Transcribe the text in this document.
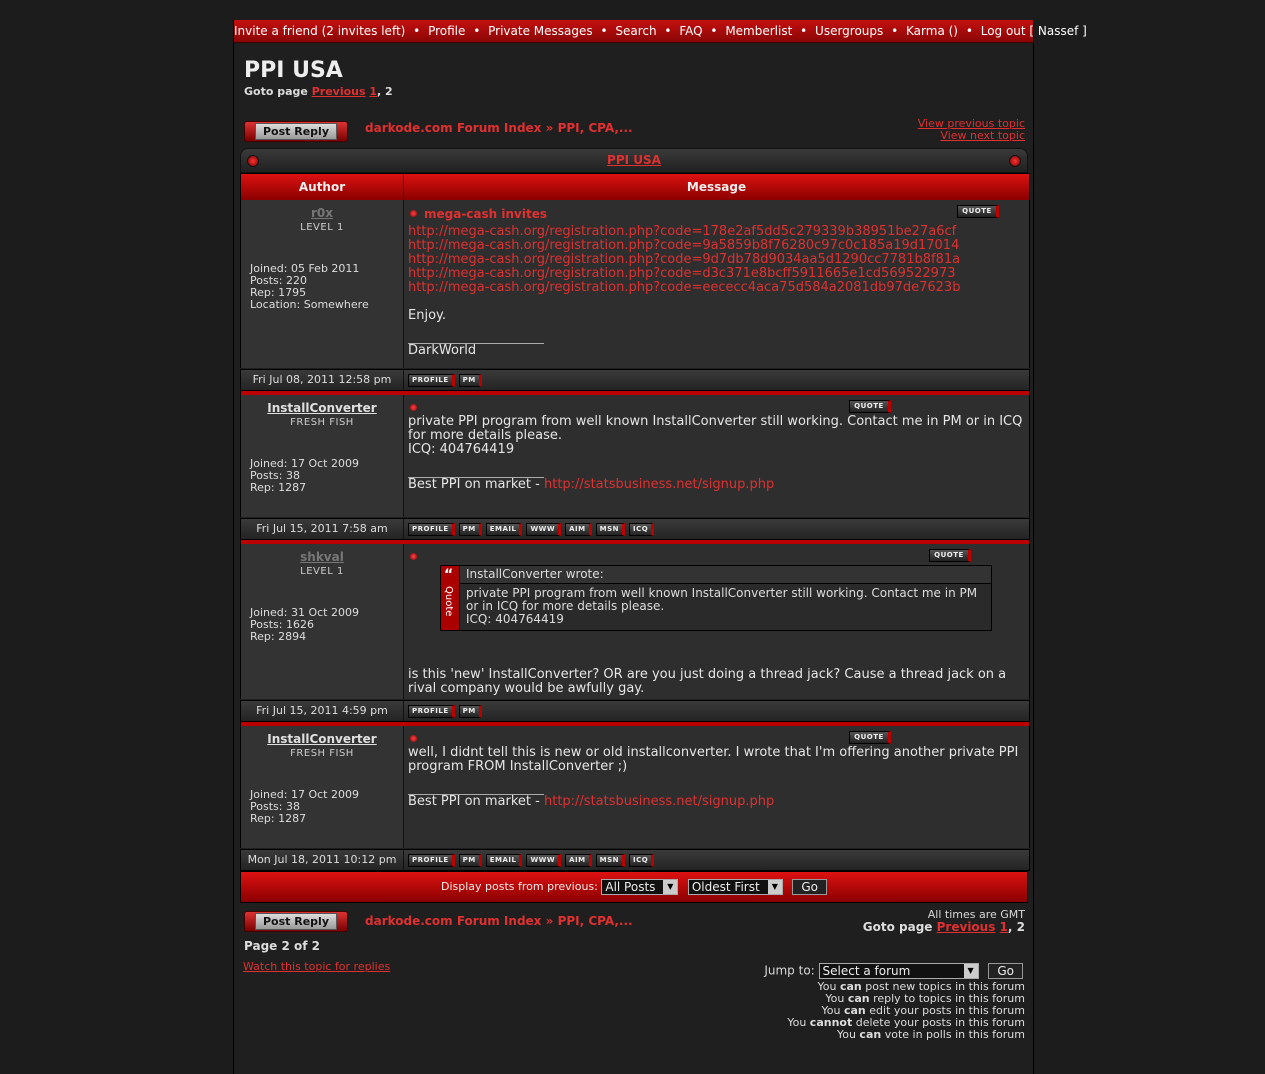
Invite a friend (2 invites left) • Profile • Private Messages • Search • FAQ • Memberlist • Usergroups • Karma () • Log out [ Nassef ]
PPI USA
Goto page Previous 1, 2
Post Reply	darkode.com Forum Index » PPI, CPA,...	View previous topic
View next topic
PPI USA
Author	Message
r0x
LEVEL 1
Joined: 05 Feb 2011
Posts: 220
Rep: 1795
Location: Somewhere
mega-cash invites	QUOTE
http://mega-cash.org/registration.php?code=178e2af5dd5c279339b38951be27a6cf
http://mega-cash.org/registration.php?code=9a5859b8f76280c97c0c185a19d17014
http://mega-cash.org/registration.php?code=9d7db78d9034aa5d1290cc7781b8f81a
http://mega-cash.org/registration.php?code=d3c371e8bcff5911665e1cd569522973
http://mega-cash.org/registration.php?code=eececc4aca75d584a2081db97de7623b

Enjoy.

DarkWorld
Fri Jul 08, 2011 12:58 pm	PROFILE	PM
InstallConverter
FRESH FISH
Joined: 17 Oct 2009
Posts: 38
Rep: 1287
QUOTE
private PPI program from well known InstallConverter still working. Contact me in PM or in ICQ for more details please.
ICQ: 404764419

Best PPI on market - http://statsbusiness.net/signup.php
Fri Jul 15, 2011 7:58 am	PROFILE	PM	EMAIL	WWW	AIM	MSN	ICQ
shkval
LEVEL 1
Joined: 31 Oct 2009
Posts: 1626
Rep: 2894
QUOTE
“
Quote
InstallConverter wrote:
private PPI program from well known InstallConverter still working. Contact me in PM or in ICQ for more details please.
ICQ: 404764419
is this 'new' InstallConverter? OR are you just doing a thread jack? Cause a thread jack on a rival company would be awfully gay.
Fri Jul 15, 2011 4:59 pm	PROFILE	PM
InstallConverter
FRESH FISH
Joined: 17 Oct 2009
Posts: 38
Rep: 1287
QUOTE
well, I didnt tell this is new or old installconverter. I wrote that I'm offering another private PPI program FROM InstallConverter ;)

Best PPI on market - http://statsbusiness.net/signup.php
Mon Jul 18, 2011 10:12 pm	PROFILE	PM	EMAIL	WWW	AIM	MSN	ICQ
Display posts from previous: All Posts	▼	Oldest First	▼	Go
Post Reply	darkode.com Forum Index » PPI, CPA,...	All times are GMT
Goto page Previous 1, 2
Page 2 of 2
Watch this topic for replies	Jump to: Select a forum	▼	Go
You can post new topics in this forum
You can reply to topics in this forum
You can edit your posts in this forum
You cannot delete your posts in this forum
You can vote in polls in this forum
